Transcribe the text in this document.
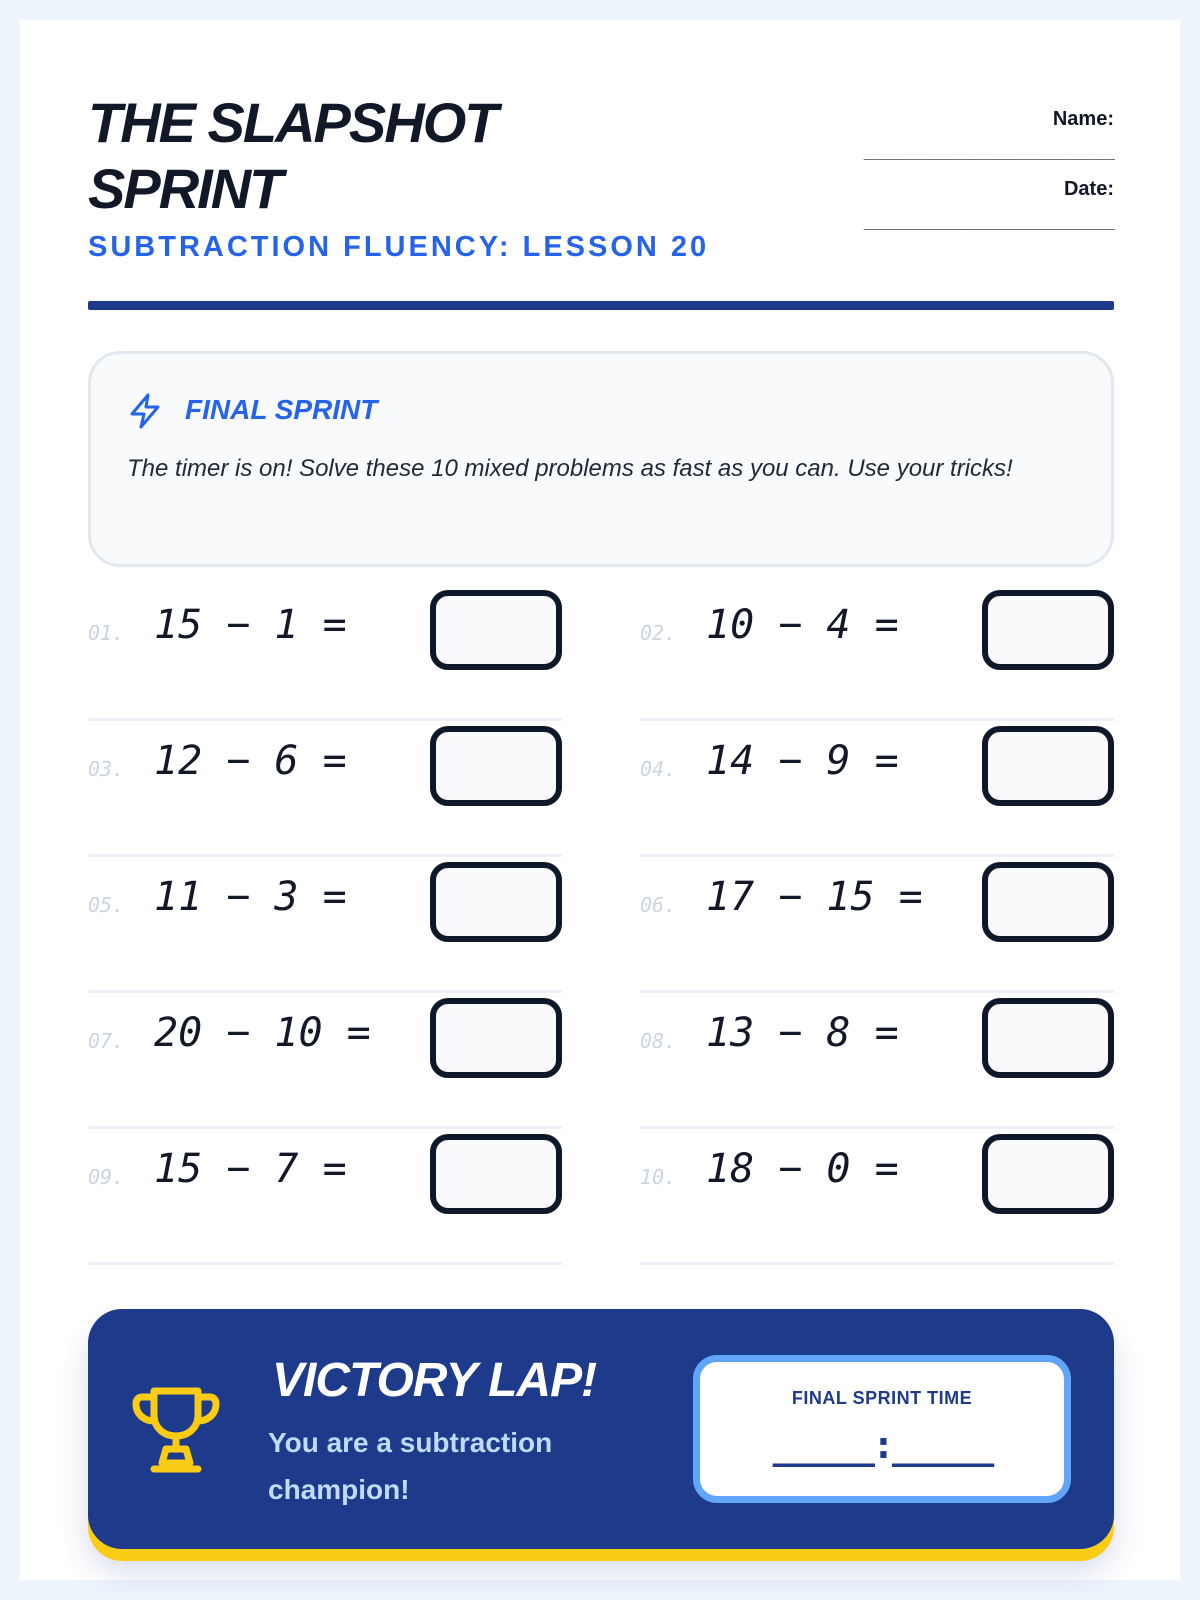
THE SLAPSHOT SPRINT
SUBTRACTION FLUENCY: LESSON 20
Name:
_____________________________
Date:
_____________________________
FINAL SPRINT
The timer is on! Solve these 10 mixed problems as fast as you can. Use your tricks!
01. 15 − 1 =	02. 10 − 4 =
03. 12 − 6 =	04. 14 − 9 =
05. 11 − 3 =	06. 17 − 15 =
07. 20 − 10 =	08. 13 − 8 =
09. 15 − 7 =	10. 18 − 0 =
VICTORY LAP!
You are a subtraction champion!
FINAL SPRINT TIME
_____:_____
